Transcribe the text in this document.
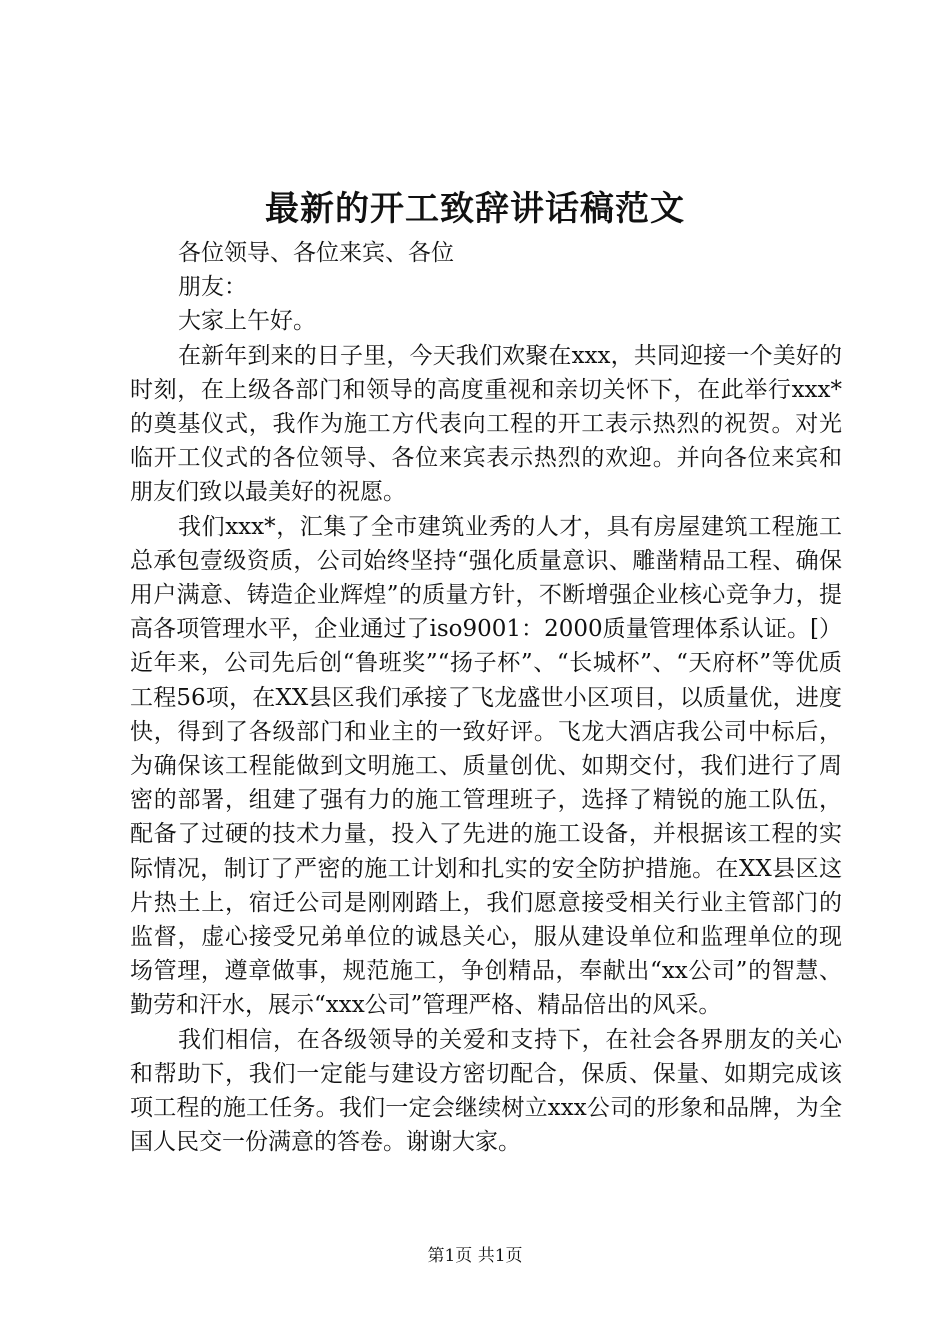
最新的开工致辞讲话稿范文

各位领导、各位来宾、各位

朋友：

大家上午好。

在新年到来的日子里，今天我们欢聚在xxx，共同迎接一个美好的时刻，在上级各部门和领导的高度重视和亲切关怀下，在此举行xxx*的奠基仪式，我作为施工方代表向工程的开工表示热烈的祝贺。对光临开工仪式的各位领导、各位来宾表示热烈的欢迎。并向各位来宾和朋友们致以最美好的祝愿。

我们xxx*，汇集了全市建筑业秀的人才，具有房屋建筑工程施工总承包壹级资质，公司始终坚持“强化质量意识、雕凿精品工程、确保用户满意、铸造企业辉煌”的质量方针，不断增强企业核心竞争力，提高各项管理水平，企业通过了iso9001：2000质量管理体系认证。[）近年来，公司先后创“鲁班奖”“扬子杯”、“长城杯”、“天府杯”等优质工程56项，在XX县区我们承接了飞龙盛世小区项目，以质量优，进度快，得到了各级部门和业主的一致好评。飞龙大酒店我公司中标后，为确保该工程能做到文明施工、质量创优、如期交付，我们进行了周密的部署，组建了强有力的施工管理班子，选择了精锐的施工队伍，配备了过硬的技术力量，投入了先进的施工设备，并根据该工程的实际情况，制订了严密的施工计划和扎实的安全防护措施。在XX县区这片热土上，宿迁公司是刚刚踏上，我们愿意接受相关行业主管部门的监督，虚心接受兄弟单位的诚恳关心，服从建设单位和监理单位的现场管理，遵章做事，规范施工，争创精品，奉献出“xx公司”的智慧、勤劳和汗水，展示“xxx公司”管理严格、精品倍出的风采。

我们相信，在各级领导的关爱和支持下，在社会各界朋友的关心和帮助下，我们一定能与建设方密切配合，保质、保量、如期完成该项工程的施工任务。我们一定会继续树立xxx公司的形象和品牌，为全国人民交一份满意的答卷。谢谢大家。

第1页 共1页
